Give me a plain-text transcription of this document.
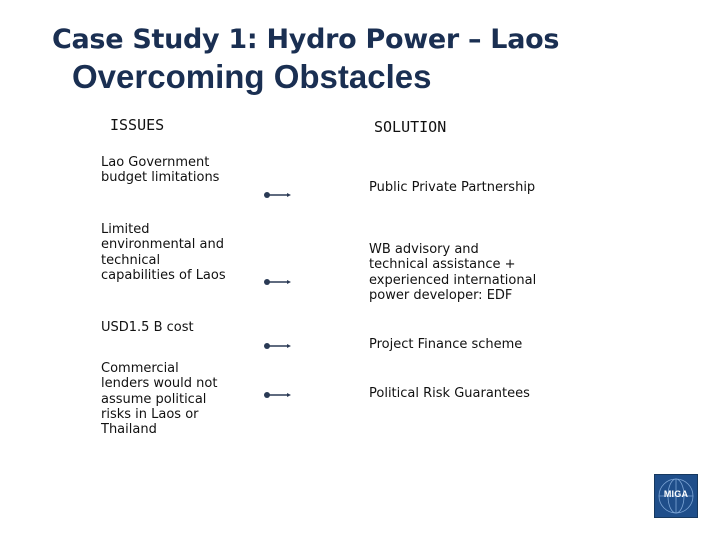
Case Study 1: Hydro Power – Laos
Overcoming Obstacles
ISSUES	SOLUTION
Lao Government budget limitations
Limited environmental and technical capabilities of Laos
USD1.5 B cost
Commercial lenders would not assume political risks in Laos or Thailand
Public Private Partnership
WB advisory and technical assistance + experienced international power developer: EDF
Project Finance scheme
Political Risk Guarantees
MIGA
